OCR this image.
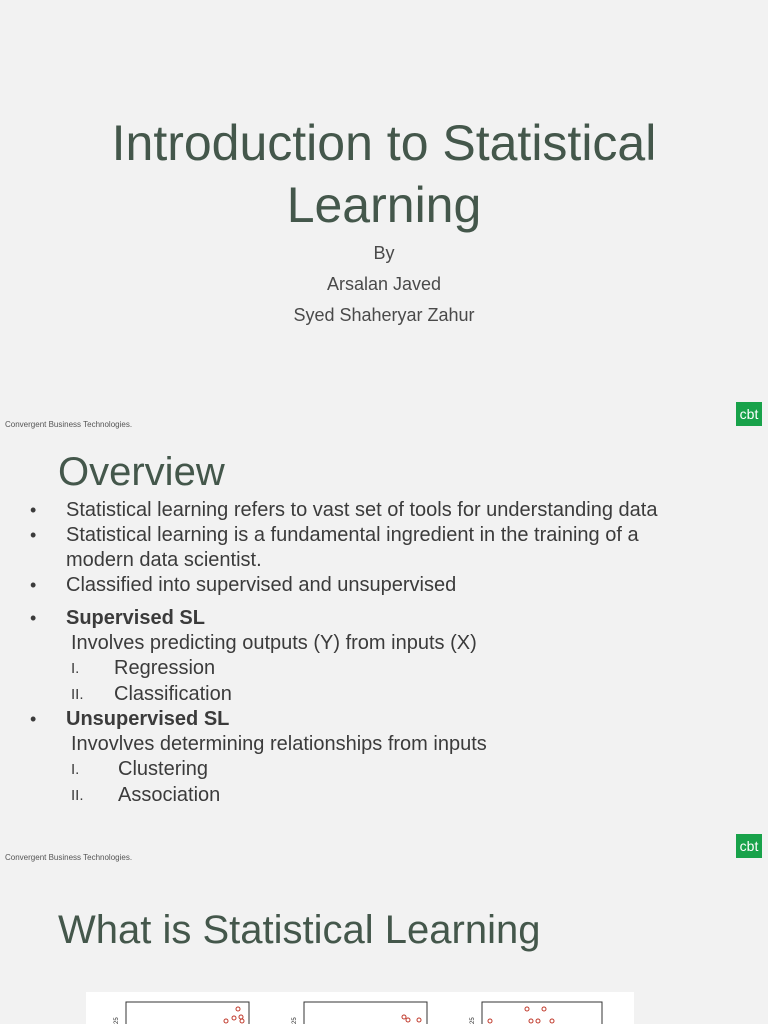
Introduction to Statistical
Learning
By
Arsalan Javed
Syed Shaheryar Zahur
Convergent Business Technologies.
cbt
Overview
•	Statistical learning refers to vast set of tools for understanding data
•	Statistical learning is a fundamental ingredient in the training of a
modern data scientist.
•	Classified into supervised and unsupervised
•	Supervised SL
Involves predicting outputs (Y) from inputs (X)
I.	Regression
II.	Classification
•	Unsupervised SL
Invovlves determining relationships from inputs
I.	Clustering
II.	Association
Convergent Business Technologies.
cbt
What is Statistical Learning
25	25	25
